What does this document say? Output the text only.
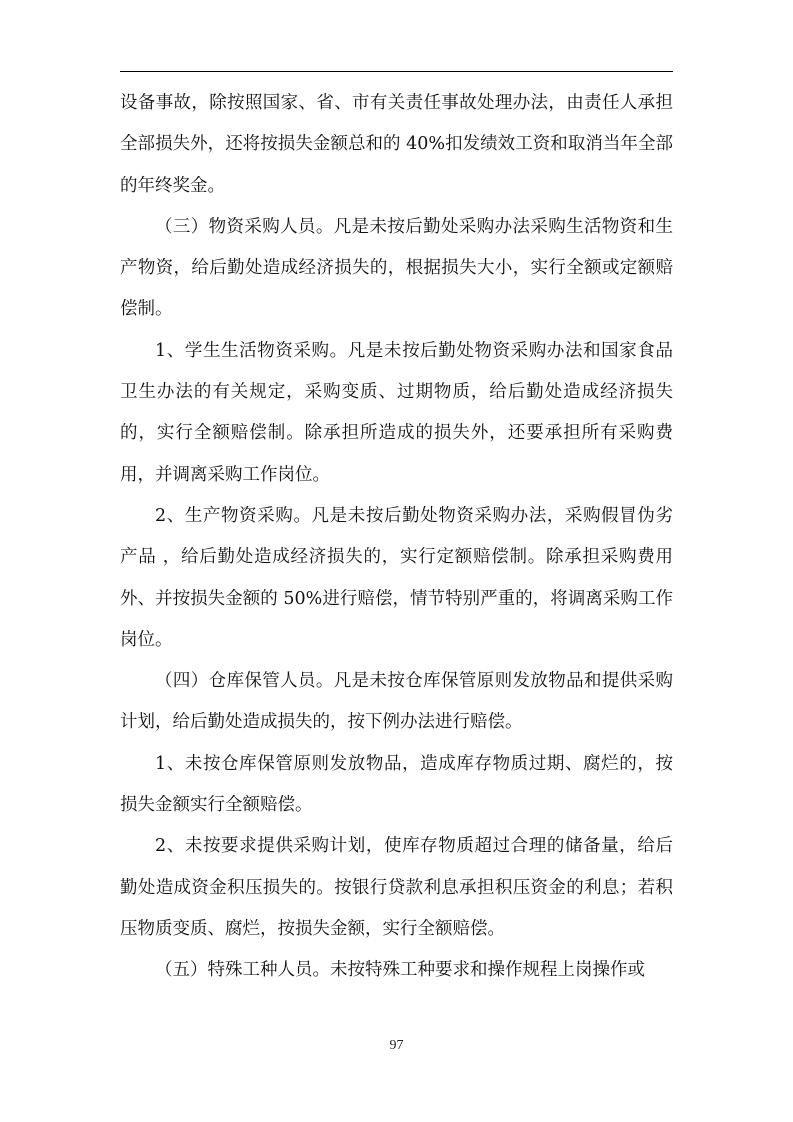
设备事故，除按照国家、省、市有关责任事故处理办法，由责任人承担全部损失外，还将按损失金额总和的 40%扣发绩效工资和取消当年全部的年终奖金。

（三）物资采购人员。凡是未按后勤处采购办法采购生活物资和生产物资，给后勤处造成经济损失的，根据损失大小，实行全额或定额赔偿制。

1、学生生活物资采购。凡是未按后勤处物资采购办法和国家食品卫生办法的有关规定，采购变质、过期物质，给后勤处造成经济损失的，实行全额赔偿制。除承担所造成的损失外，还要承担所有采购费用，并调离采购工作岗位。

2、生产物资采购。凡是未按后勤处物资采购办法，采购假冒伪劣产品 ，给后勤处造成经济损失的，实行定额赔偿制。除承担采购费用外、并按损失金额的 50%进行赔偿，情节特别严重的，将调离采购工作岗位。

（四）仓库保管人员。凡是未按仓库保管原则发放物品和提供采购计划，给后勤处造成损失的，按下例办法进行赔偿。

1、未按仓库保管原则发放物品，造成库存物质过期、腐烂的，按损失金额实行全额赔偿。

2、未按要求提供采购计划，使库存物质超过合理的储备量，给后勤处造成资金积压损失的。按银行贷款利息承担积压资金的利息；若积压物质变质、腐烂，按损失金额，实行全额赔偿。

（五）特殊工种人员。未按特殊工种要求和操作规程上岗操作或

97
